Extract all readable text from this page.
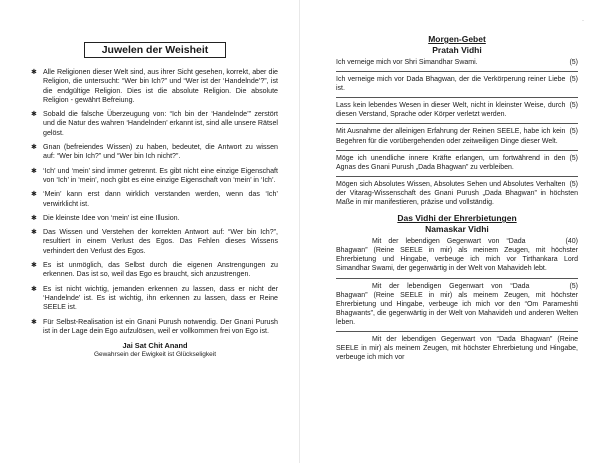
Juwelen der Weisheit

✱ Alle Religionen dieser Welt sind, aus ihrer Sicht gesehen, korrekt, aber die Religion, die untersucht: “Wer bin Ich?” und “Wer ist der ‘Handelnde’?”, ist die endgültige Religion. Dies ist die absolute Religion. Die absolute Religion - gewährt Befreiung.

✱ Sobald die falsche Überzeugung von: “Ich bin der ‘Handelnde’” zerstört und die Natur des wahren ‘Handelnden’ erkannt ist, sind alle unsere Rätsel gelöst.

✱ Gnan (befreiendes Wissen) zu haben, bedeutet, die Antwort zu wissen auf: “Wer bin Ich?” und “Wer bin Ich nicht?”.

✱ ‘Ich’ und ‘mein’ sind immer getrennt. Es gibt nicht eine einzige Eigenschaft von ‘Ich’ in ‘mein’, noch gibt es eine einzige Eigenschaft von ‘mein’ in ‘Ich’.

✱ ‘Mein’ kann erst dann wirklich verstanden werden, wenn das ‘Ich’ verwirklicht ist.

✱ Die kleinste Idee von ‘mein’ ist eine Illusion.

✱ Das Wissen und Verstehen der korrekten Antwort auf: “Wer bin Ich?”, resultiert in einem Verlust des Egos. Das Fehlen dieses Wissens verhindert den Verlust des Egos.

✱ Es ist unmöglich, das Selbst durch die eigenen Anstrengungen zu erkennen. Das ist so, weil das Ego es braucht, sich anzustrengen.

✱ Es ist nicht wichtig, jemanden erkennen zu lassen, dass er nicht der ‘Handelnde’ ist. Es ist wichtig, ihn erkennen zu lassen, dass er Reine SEELE ist.

✱ Für Selbst-Realisation ist ein Gnani Purush notwendig. Der Gnani Purush ist in der Lage dein Ego aufzulösen, weil er vollkommen frei von Ego ist.

Jai Sat Chit Anand
Gewahrsein der Ewigkeit ist Glückseligkeit
·
Morgen-Gebet
Pratah Vidhi

(5)
Ich verneige mich vor Shri Simandhar Swami.

(5)
Ich verneige mich vor Dada Bhagwan, der die Verkörperung reiner Liebe ist.

(5)
Lass kein lebendes Wesen in dieser Welt, nicht in kleinster Weise, durch diesen Verstand, Sprache oder Körper verletzt werden.

(5)
Mit Ausnahme der alleinigen Erfahrung der Reinen SEELE, habe ich kein Begehren für die vorübergehenden oder zeitweiligen Dinge dieser Welt.

(5)
Möge ich unendliche innere Kräfte erlangen, um fortwährend in den Agnas des Gnani Purush „Dada Bhagwan” zu verbleiben.

(5)
Mögen sich Absolutes Wissen, Absolutes Sehen und Absolutes Verhalten der Vitarag-Wissenschaft des Gnani Purush „Dada Bhagwan” in höchsten Maße in mir manifestieren, präzise und vollständig.

Das Vidhi der Ehrerbietungen
Namaskar Vidhi

(40)
Mit der lebendigen Gegenwart von “Dada Bhagwan” (Reine SEELE in mir) als meinem Zeugen, mit höchster Ehrerbietung und Hingabe, verbeuge ich mich vor Tirthankara Lord Simandhar Swami, der gegenwärtig in der Welt von Mahavideh lebt.

(5)
Mit der lebendigen Gegenwart von “Dada Bhagwan” (Reine SEELE in mir) als meinem Zeugen, mit höchster Ehrerbietung und Hingabe, verbeuge ich mich vor den “Om Parameshti Bhagwants”, die gegenwärtig in der Welt von Mahavideh und anderen Welten leben.

Mit der lebendigen Gegenwart von “Dada Bhagwan” (Reine SEELE in mir) als meinem Zeugen, mit höchster Ehrerbietung und Hingabe, verbeuge ich mich vor
